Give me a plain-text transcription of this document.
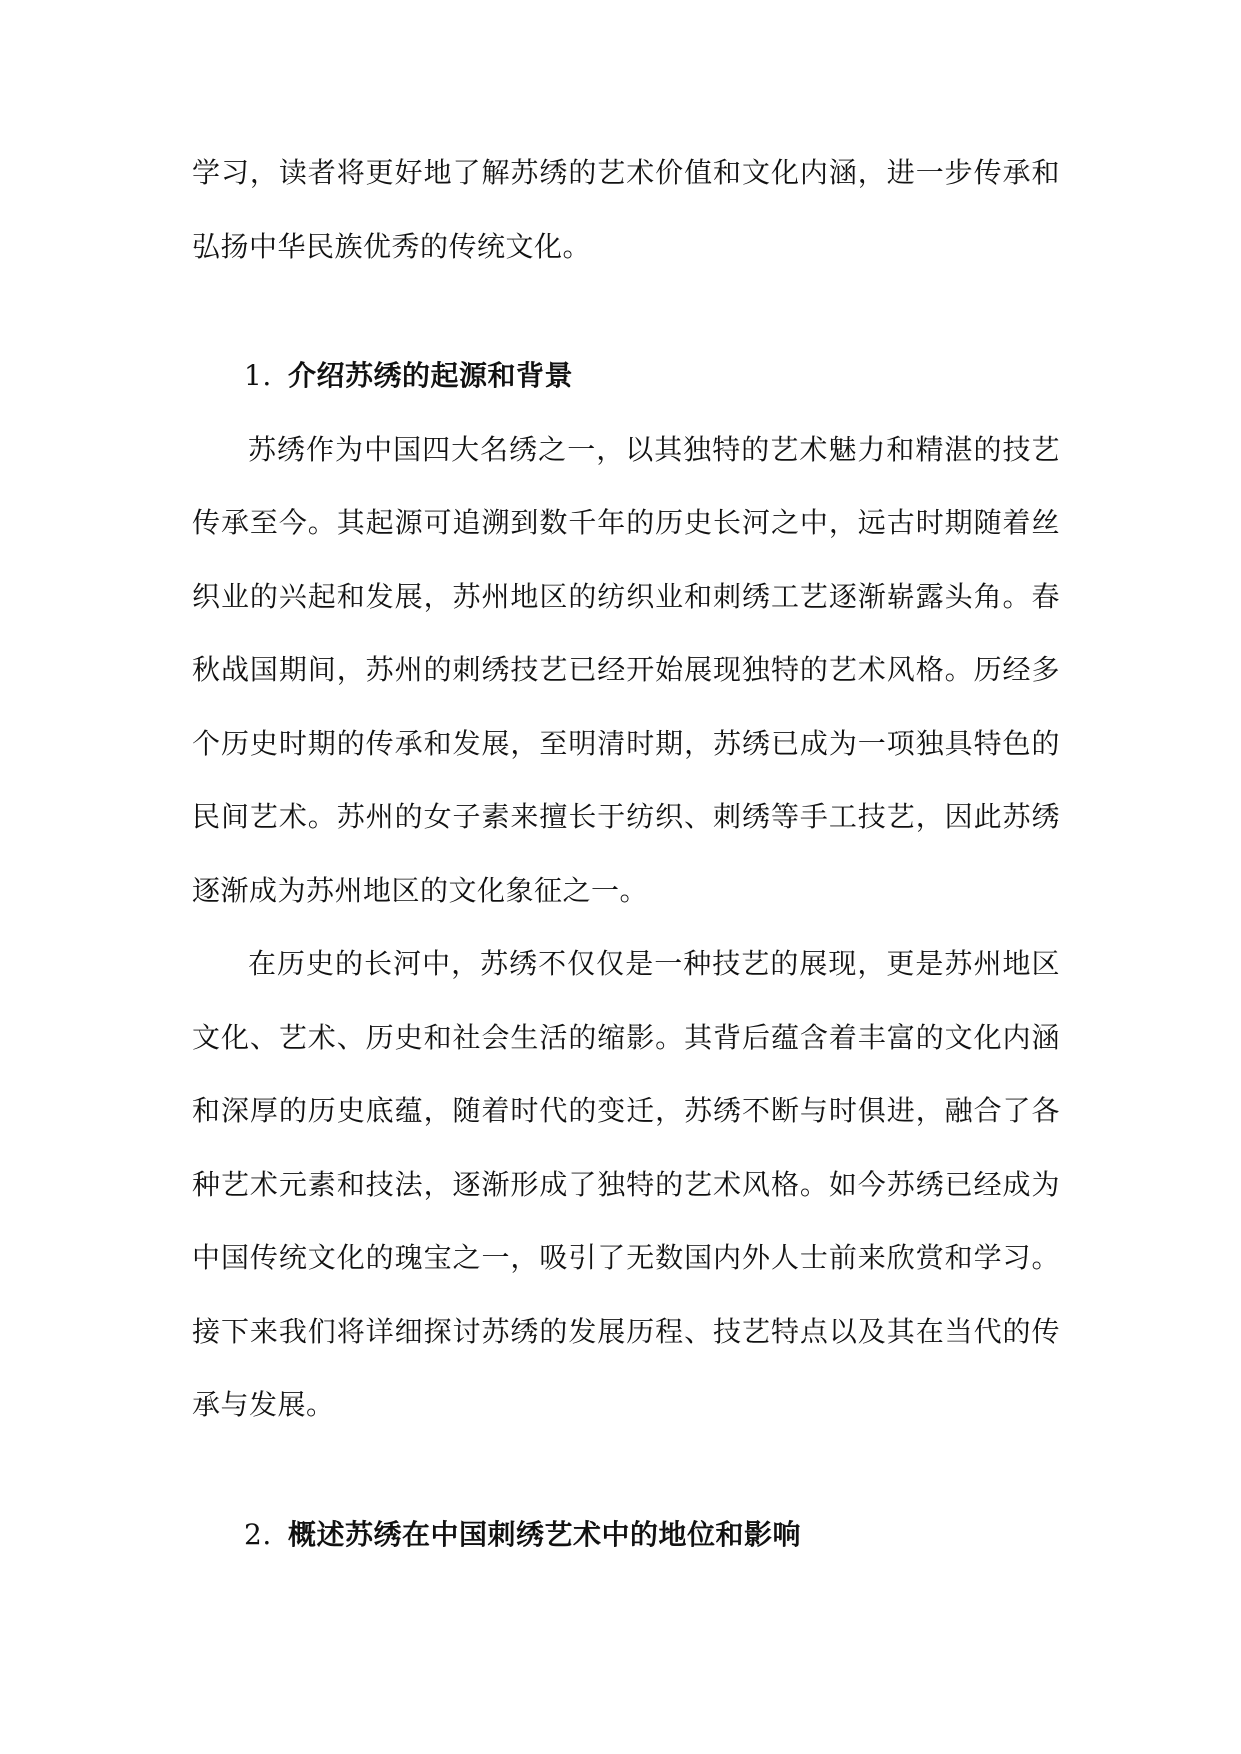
学习，读者将更好地了解苏绣的艺术价值和文化内涵，进一步传承和弘扬中华民族优秀的传统文化。

1. 介绍苏绣的起源和背景

苏绣作为中国四大名绣之一，以其独特的艺术魅力和精湛的技艺传承至今。其起源可追溯到数千年的历史长河之中，远古时期随着丝织业的兴起和发展，苏州地区的纺织业和刺绣工艺逐渐崭露头角。春秋战国期间，苏州的刺绣技艺已经开始展现独特的艺术风格。历经多个历史时期的传承和发展，至明清时期，苏绣已成为一项独具特色的民间艺术。苏州的女子素来擅长于纺织、刺绣等手工技艺，因此苏绣逐渐成为苏州地区的文化象征之一。

在历史的长河中，苏绣不仅仅是一种技艺的展现，更是苏州地区文化、艺术、历史和社会生活的缩影。其背后蕴含着丰富的文化内涵和深厚的历史底蕴，随着时代的变迁，苏绣不断与时俱进，融合了各种艺术元素和技法，逐渐形成了独特的艺术风格。如今苏绣已经成为中国传统文化的瑰宝之一，吸引了无数国内外人士前来欣赏和学习。接下来我们将详细探讨苏绣的发展历程、技艺特点以及其在当代的传承与发展。

2. 概述苏绣在中国刺绣艺术中的地位和影响
